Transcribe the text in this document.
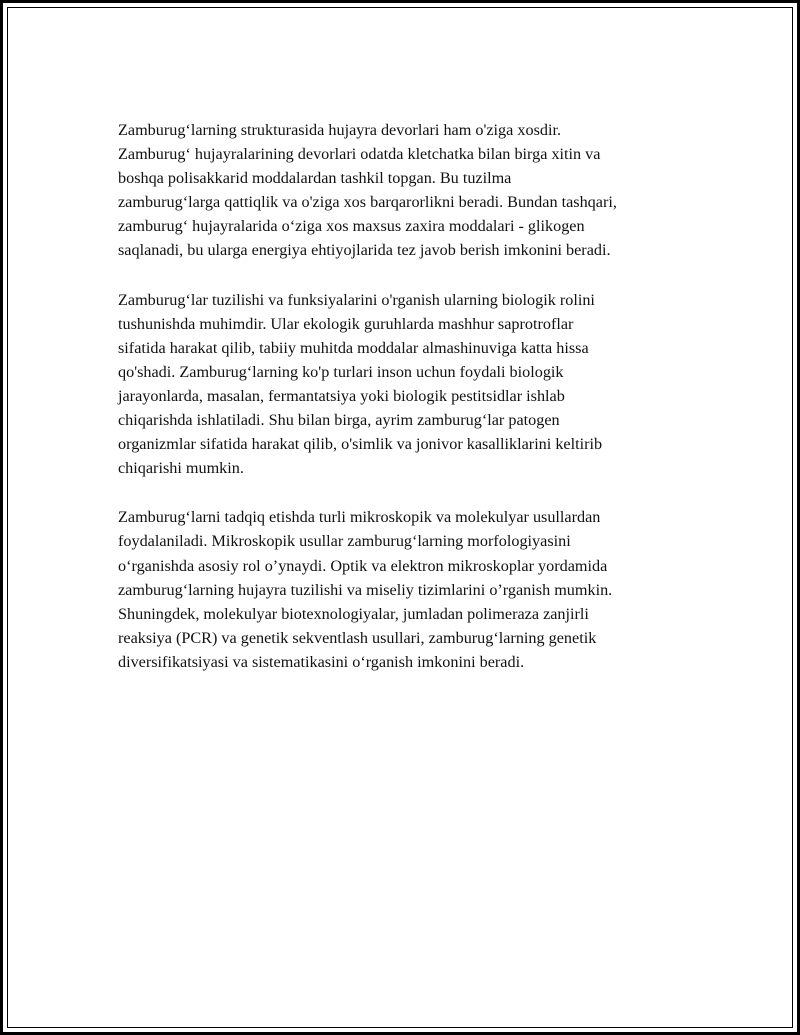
Zamburug‘larning strukturasida hujayra devorlari ham o'ziga xosdir.
Zamburug‘ hujayralarining devorlari odatda kletchatka bilan birga xitin va
boshqa polisakkarid moddalardan tashkil topgan. Bu tuzilma
zamburug‘larga qattiqlik va o'ziga xos barqarorlikni beradi. Bundan tashqari,
zamburug‘ hujayralarida o‘ziga xos maxsus zaxira moddalari - glikogen
saqlanadi, bu ularga energiya ehtiyojlarida tez javob berish imkonini beradi.

Zamburug‘lar tuzilishi va funksiyalarini o'rganish ularning biologik rolini
tushunishda muhimdir. Ular ekologik guruhlarda mashhur saprotroflar
sifatida harakat qilib, tabiiy muhitda moddalar almashinuviga katta hissa
qo'shadi. Zamburug‘larning ko'p turlari inson uchun foydali biologik
jarayonlarda, masalan, fermantatsiya yoki biologik pestitsidlar ishlab
chiqarishda ishlatiladi. Shu bilan birga, ayrim zamburug‘lar patogen
organizmlar sifatida harakat qilib, o'simlik va jonivor kasalliklarini keltirib
chiqarishi mumkin.

Zamburug‘larni tadqiq etishda turli mikroskopik va molekulyar usullardan
foydalaniladi. Mikroskopik usullar zamburug‘larning morfologiyasini
o‘rganishda asosiy rol o’ynaydi. Optik va elektron mikroskoplar yordamida
zamburug‘larning hujayra tuzilishi va miseliy tizimlarini o’rganish mumkin.
Shuningdek, molekulyar biotexnologiyalar, jumladan polimeraza zanjirli
reaksiya (PCR) va genetik sekventlash usullari, zamburug‘larning genetik
diversifikatsiyasi va sistematikasini o‘rganish imkonini beradi.
